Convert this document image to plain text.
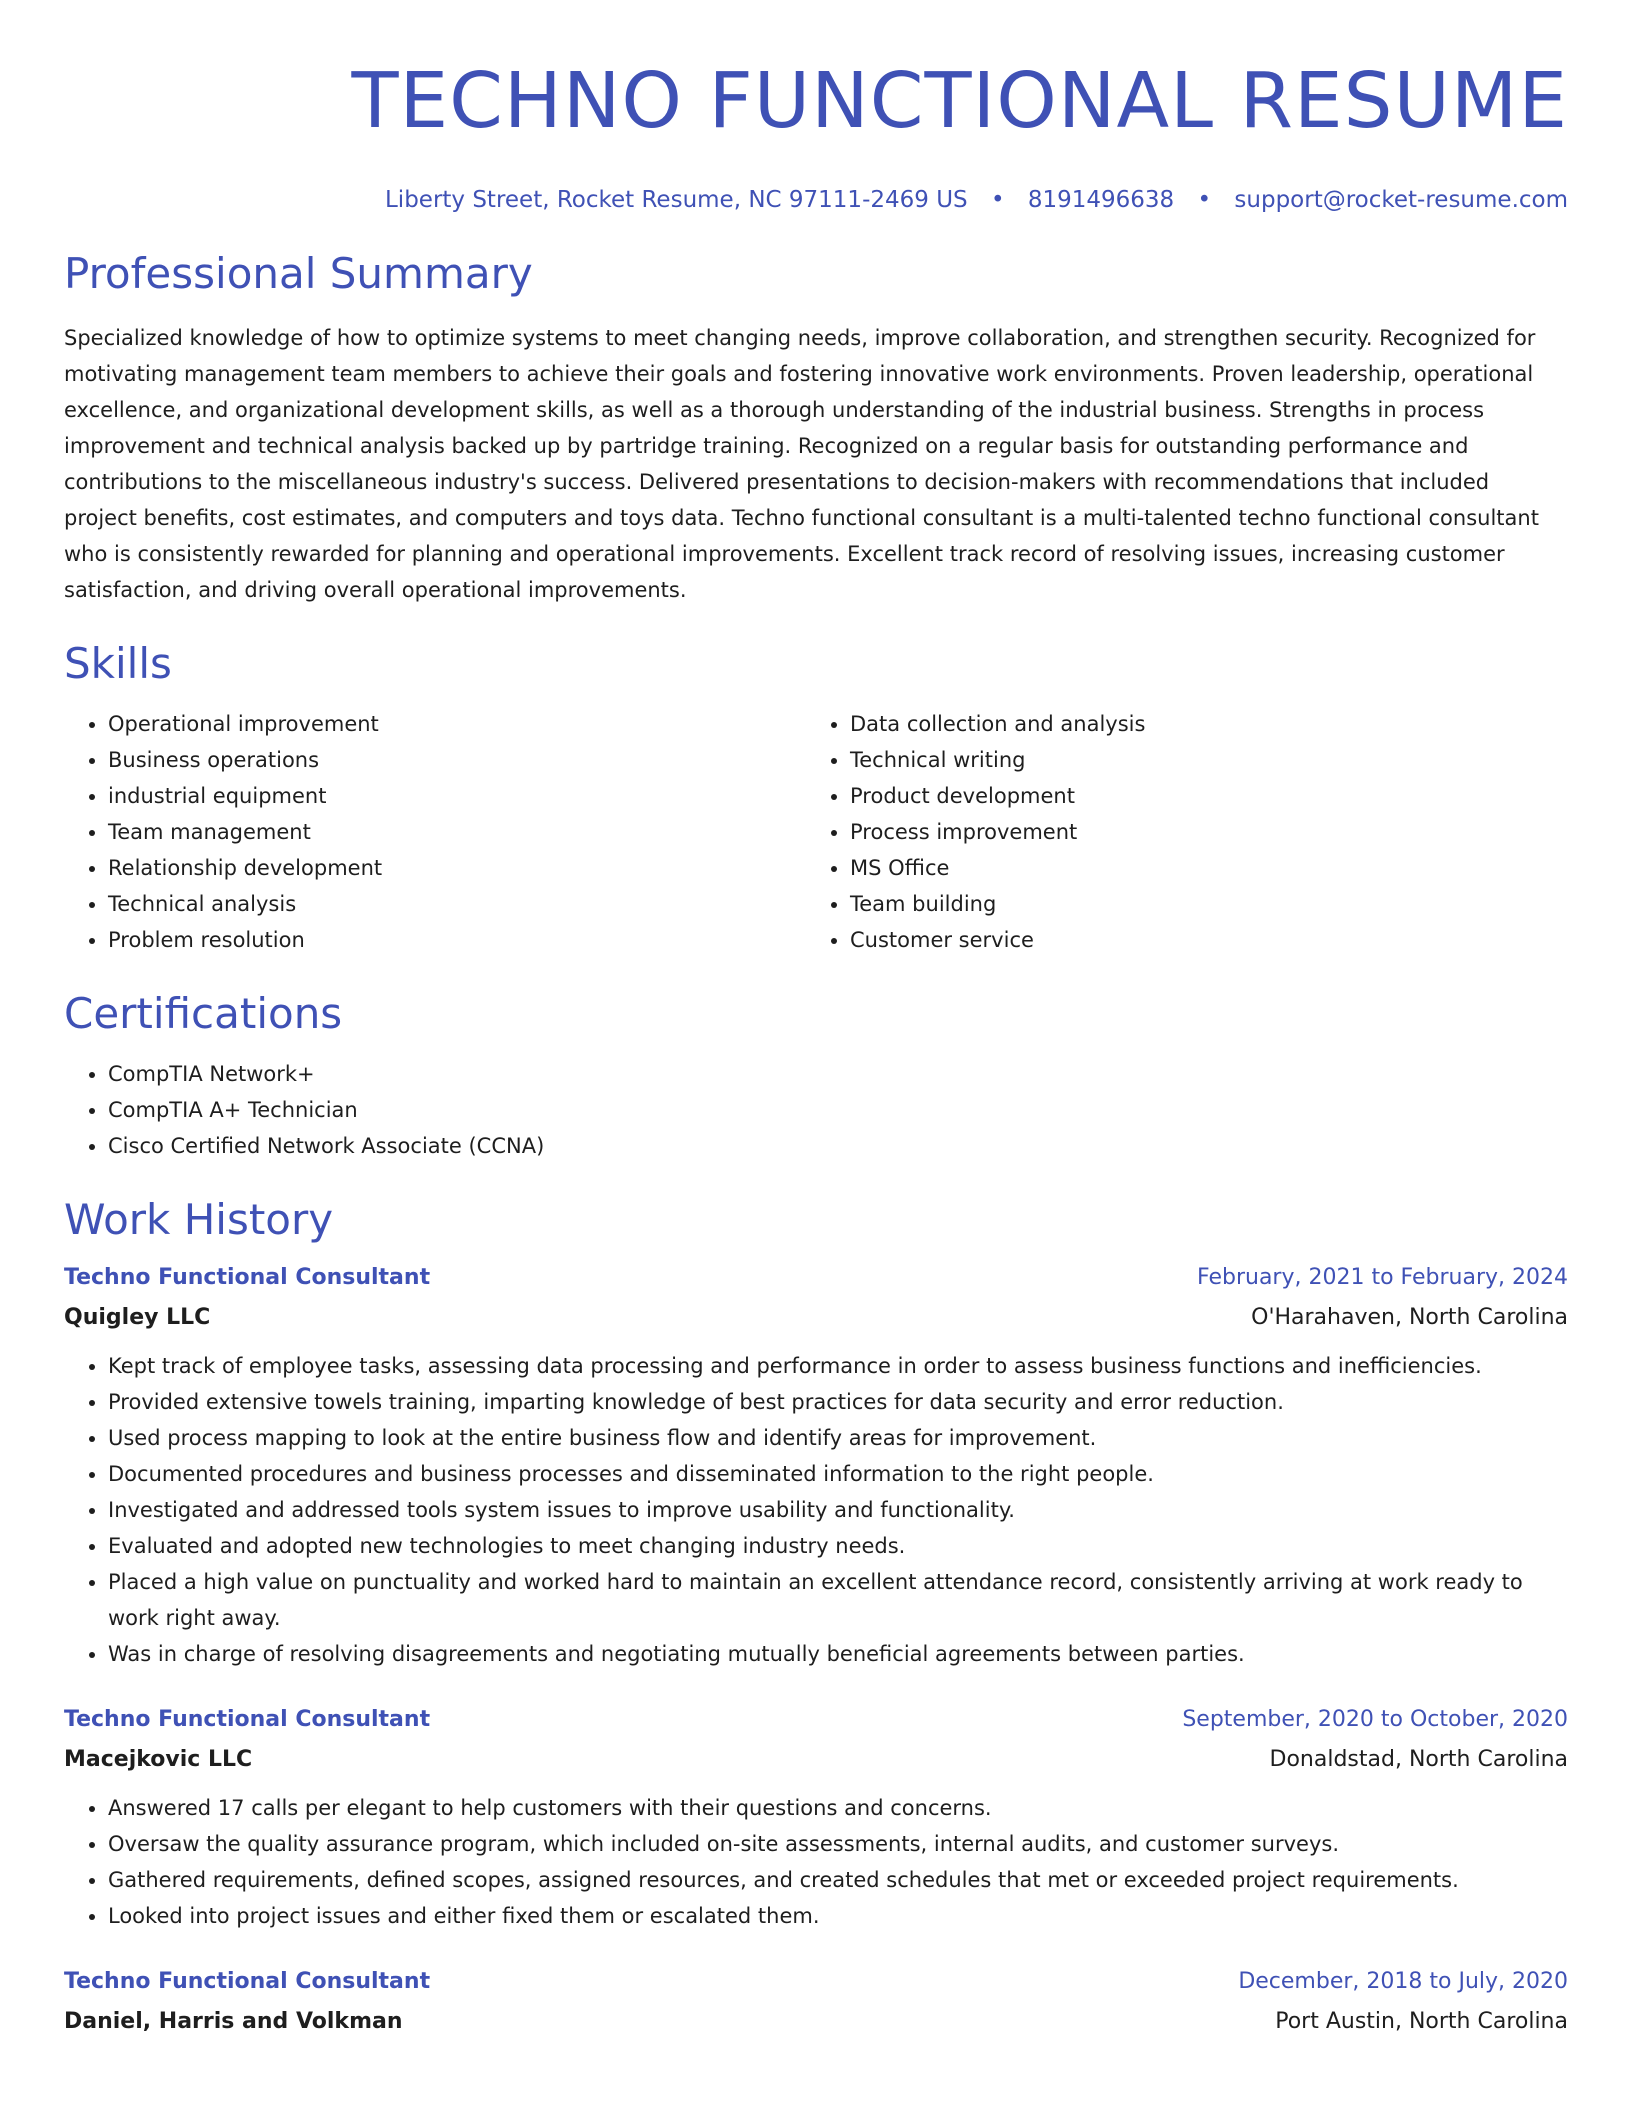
TECHNO FUNCTIONAL RESUME
Liberty Street, Rocket Resume, NC 97111-2469 US • 8191496638 • support@rocket-resume.com
Professional Summary
Specialized knowledge of how to optimize systems to meet changing needs, improve collaboration, and strengthen security. Recognized for motivating management team members to achieve their goals and fostering innovative work environments. Proven leadership, operational excellence, and organizational development skills, as well as a thorough understanding of the industrial business. Strengths in process improvement and technical analysis backed up by partridge training. Recognized on a regular basis for outstanding performance and contributions to the miscellaneous industry's success. Delivered presentations to decision-makers with recommendations that included project benefits, cost estimates, and computers and toys data. Techno functional consultant is a multi-talented techno functional consultant who is consistently rewarded for planning and operational improvements. Excellent track record of resolving issues, increasing customer satisfaction, and driving overall operational improvements.
Skills
• Operational improvement
• Business operations
• industrial equipment
• Team management
• Relationship development
• Technical analysis
• Problem resolution
• Data collection and analysis
• Technical writing
• Product development
• Process improvement
• MS Office
• Team building
• Customer service
Certifications
• CompTIA Network+
• CompTIA A+ Technician
• Cisco Certified Network Associate (CCNA)
Work History
Techno Functional Consultant	February, 2021 to February, 2024
Quigley LLC	O'Harahaven, North Carolina
• Kept track of employee tasks, assessing data processing and performance in order to assess business functions and inefficiencies.
• Provided extensive towels training, imparting knowledge of best practices for data security and error reduction.
• Used process mapping to look at the entire business flow and identify areas for improvement.
• Documented procedures and business processes and disseminated information to the right people.
• Investigated and addressed tools system issues to improve usability and functionality.
• Evaluated and adopted new technologies to meet changing industry needs.
• Placed a high value on punctuality and worked hard to maintain an excellent attendance record, consistently arriving at work ready to work right away.
• Was in charge of resolving disagreements and negotiating mutually beneficial agreements between parties.
Techno Functional Consultant	September, 2020 to October, 2020
Macejkovic LLC	Donaldstad, North Carolina
• Answered 17 calls per elegant to help customers with their questions and concerns.
• Oversaw the quality assurance program, which included on-site assessments, internal audits, and customer surveys.
• Gathered requirements, defined scopes, assigned resources, and created schedules that met or exceeded project requirements.
• Looked into project issues and either fixed them or escalated them.
Techno Functional Consultant	December, 2018 to July, 2020
Daniel, Harris and Volkman	Port Austin, North Carolina
